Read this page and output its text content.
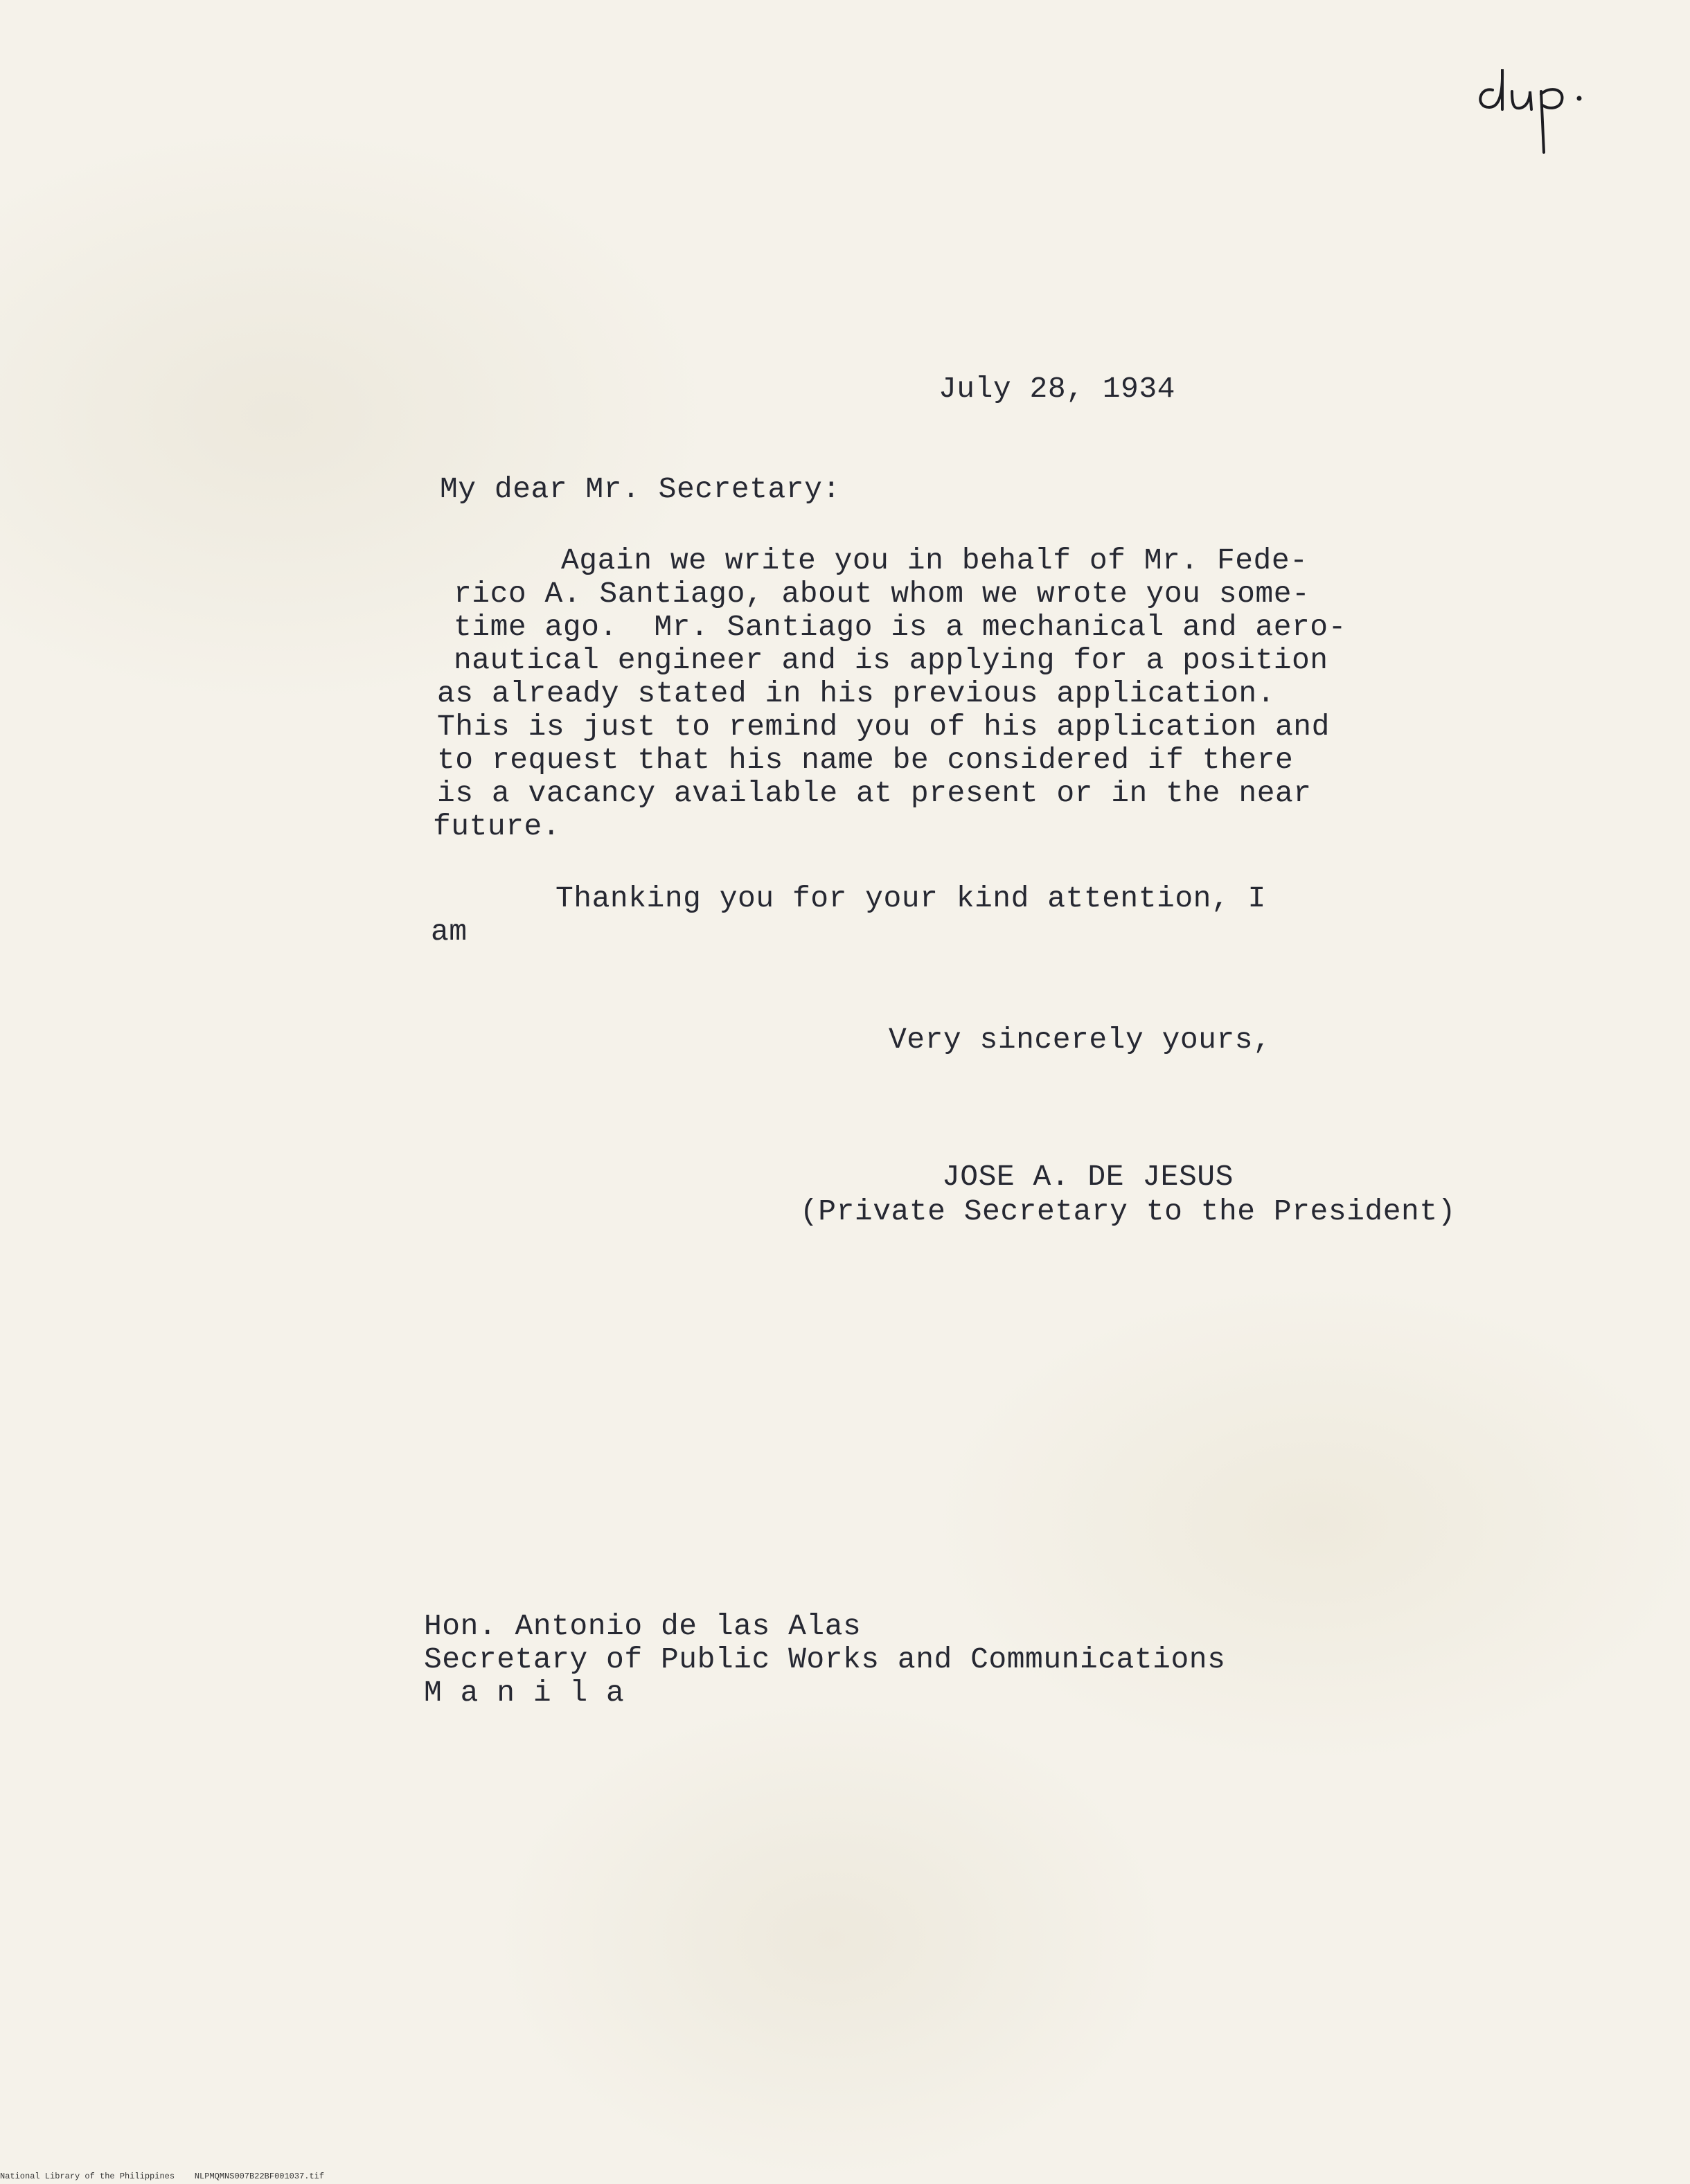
July 28, 1934
My dear Mr. Secretary:
Again we write you in behalf of Mr. Fede-
rico A. Santiago, about whom we wrote you some-
time ago.  Mr. Santiago is a mechanical and aero-
nautical engineer and is applying for a position
as already stated in his previous application.
This is just to remind you of his application and
to request that his name be considered if there
is a vacancy available at present or in the near
future.
Thanking you for your kind attention, I
am
Very sincerely yours,
JOSE A. DE JESUS
(Private Secretary to the President)
Hon. Antonio de las Alas
Secretary of Public Works and Communications
M a n i l a
National Library of the Philippines    NLPMQMNS007B22BF001037.tif
